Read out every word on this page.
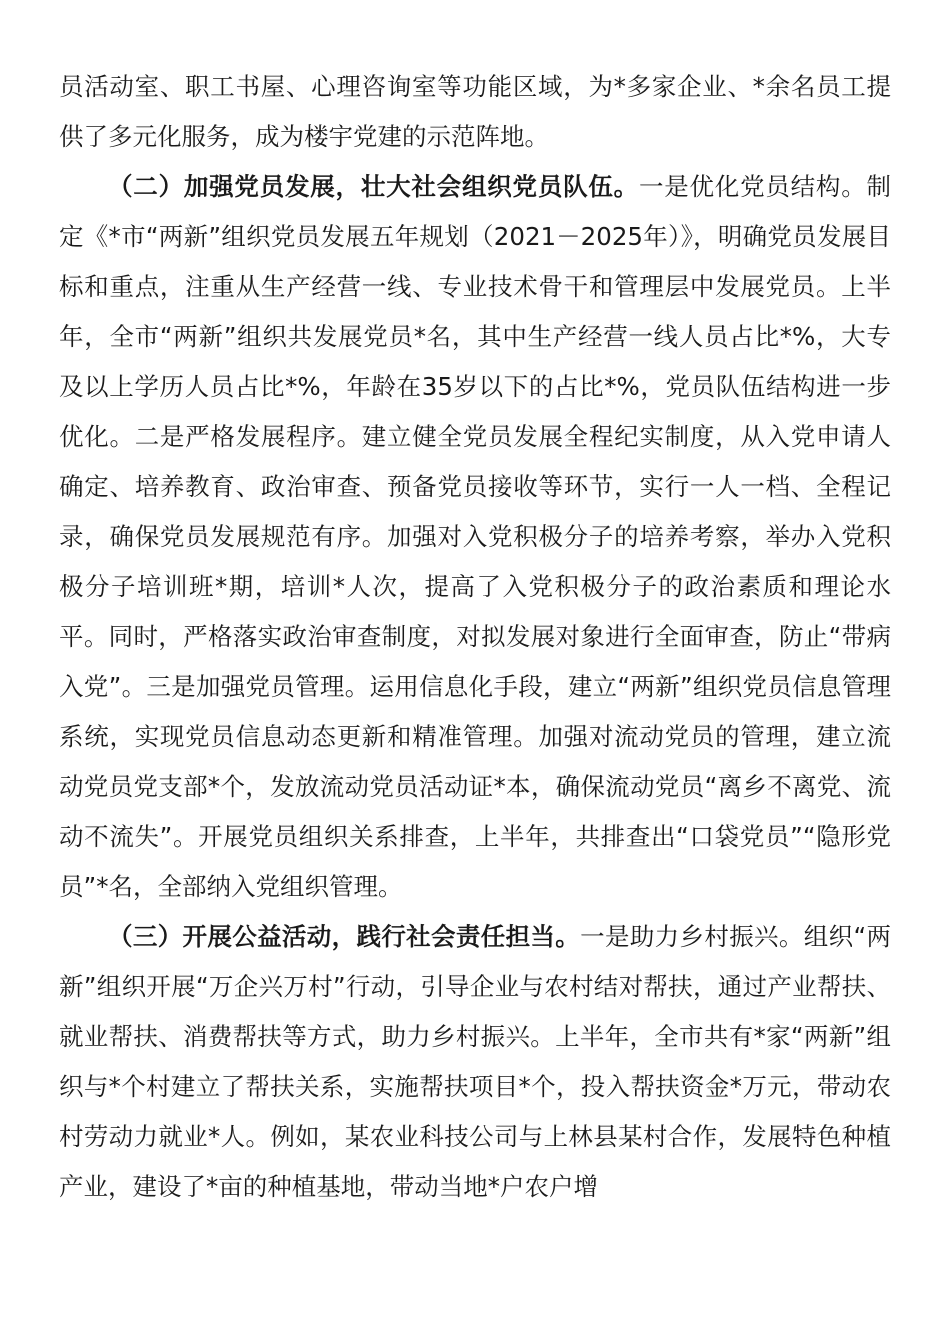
员活动室、职工书屋、心理咨询室等功能区域，为*多家企业、*余名员工提供了多元化服务，成为楼宇党建的示范阵地。

（二）加强党员发展，壮大社会组织党员队伍。一是优化党员结构。制定《*市“两新”组织党员发展五年规划（2021－2025年）》，明确党员发展目标和重点，注重从生产经营一线、专业技术骨干和管理层中发展党员。上半年，全市“两新”组织共发展党员*名，其中生产经营一线人员占比*%，大专及以上学历人员占比*%，年龄在35岁以下的占比*%，党员队伍结构进一步优化。二是严格发展程序。建立健全党员发展全程纪实制度，从入党申请人确定、培养教育、政治审查、预备党员接收等环节，实行一人一档、全程记录，确保党员发展规范有序。加强对入党积极分子的培养考察，举办入党积极分子培训班*期，培训*人次，提高了入党积极分子的政治素质和理论水平。同时，严格落实政治审查制度，对拟发展对象进行全面审查，防止“带病入党”。三是加强党员管理。运用信息化手段，建立“两新”组织党员信息管理系统，实现党员信息动态更新和精准管理。加强对流动党员的管理，建立流动党员党支部*个，发放流动党员活动证*本，确保流动党员“离乡不离党、流动不流失”。开展党员组织关系排查，上半年，共排查出“口袋党员”“隐形党员”*名，全部纳入党组织管理。

（三）开展公益活动，践行社会责任担当。一是助力乡村振兴。组织“两新”组织开展“万企兴万村”行动，引导企业与农村结对帮扶，通过产业帮扶、就业帮扶、消费帮扶等方式，助力乡村振兴。上半年，全市共有*家“两新”组织与*个村建立了帮扶关系，实施帮扶项目*个，投入帮扶资金*万元，带动农村劳动力就业*人。例如，某农业科技公司与上林县某村合作，发展特色种植产业，建设了*亩的种植基地，带动当地*户农户增
